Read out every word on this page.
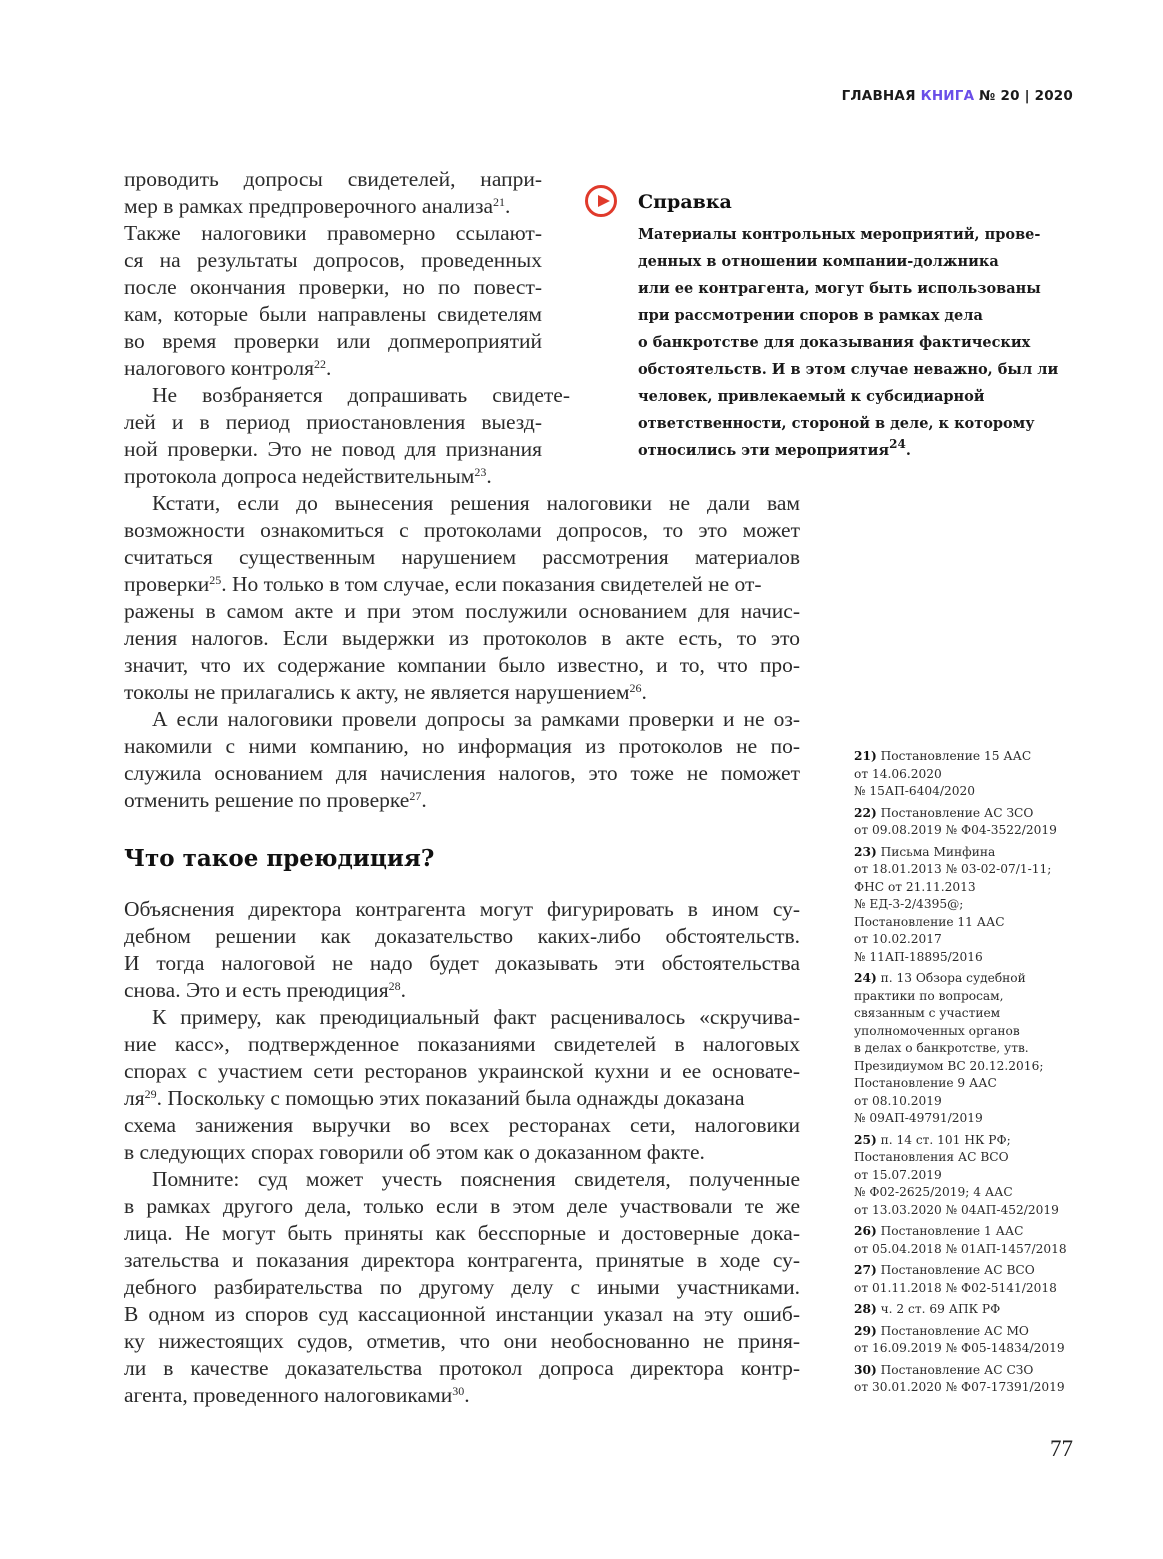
ГЛАВНАЯ КНИГА № 20 | 2020
проводить допросы свидетелей, напри-
мер в рамках предпроверочного анализа$^{21}$.
Также налоговики правомерно ссылают-
ся на результаты допросов, проведенных
после окончания проверки, но по повест-
кам, которые были направлены свидетелям
во время проверки или допмероприятий
налогового контроля$^{22}$.
Не возбраняется допрашивать свидете-
лей и в период приостановления выезд-
ной проверки. Это не повод для признания
протокола допроса недействительным$^{23}$.
Кстати, если до вынесения решения налоговики не дали вам
возможности ознакомиться с протоколами допросов, то это может
считаться существенным нарушением рассмотрения материалов
проверки$^{25}$. Но только в том случае, если показания свидетелей не от-
ражены в самом акте и при этом послужили основанием для начис-
ления налогов. Если выдержки из протоколов в акте есть, то это
значит, что их содержание компании было известно, и то, что про-
токолы не прилагались к акту, не является нарушением$^{26}$.
А если налоговики провели допросы за рамками проверки и не оз-
накомили с ними компанию, но информация из протоколов не по-
служила основанием для начисления налогов, это тоже не поможет
отменить решение по проверке$^{27}$.
Что такое преюдиция?
Объяснения директора контрагента могут фигурировать в ином су-
дебном решении как доказательство каких-либо обстоятельств.
И тогда налоговой не надо будет доказывать эти обстоятельства
снова. Это и есть преюдиция$^{28}$.
К примеру, как преюдициальный факт расценивалось «скручива-
ние касс», подтвержденное показаниями свидетелей в налоговых
спорах с участием сети ресторанов украинской кухни и ее основате-
$ля^{29}$. Поскольку с помощью этих показаний была однажды доказана
схема занижения выручки во всех ресторанах сети, налоговики
в следующих спорах говорили об этом как о доказанном факте.
Помните: суд может учесть пояснения свидетеля, полученные
в рамках другого дела, только если в этом деле участвовали те же
лица. Не могут быть приняты как бесспорные и достоверные дока-
зательства и показания директора контрагента, принятые в ходе су-
дебного разбирательства по другому делу с иными участниками.
В одном из споров суд кассационной инстанции указал на эту ошиб-
ку нижестоящих судов, отметив, что они необоснованно не приня-
ли в качестве доказательства протокол допроса директора контр-
агента, проведенного налоговиками$^{30}$.
Справка
Материалы контрольных мероприятий, прове-
денных в отношении компании-должника
или ее контрагента, могут быть использованы
при рассмотрении споров в рамках дела
о банкротстве для доказывания фактических
обстоятельств. И в этом случае неважно, был ли
человек, привлекаемый к субсидиарной
ответственности, стороной в деле, к которому
относились эти мероприятия$^{24}$.
21) Постановление 15 ААС
от 14.06.2020
№ 15АП-6404/2020
22) Постановление АС ЗСО
от 09.08.2019 № Ф04-3522/2019
23) Письма Минфина
от 18.01.2013 № 03-02-07/1-11;
ФНС от 21.11.2013
№ ЕД-3-2/4395@;
Постановление 11 ААС
от 10.02.2017
№ 11АП-18895/2016
24) п. 13 Обзора судебной
практики по вопросам,
связанным с участием
уполномоченных органов
в делах о банкротстве, утв.
Президиумом ВС 20.12.2016;
Постановление 9 ААС
от 08.10.2019
№ 09АП-49791/2019
25) п. 14 ст. 101 НК РФ;
Постановления АС ВСО
от 15.07.2019
№ Ф02-2625/2019; 4 ААС
от 13.03.2020 № 04АП-452/2019
26) Постановление 1 ААС
от 05.04.2018 № 01АП-1457/2018
27) Постановление АС ВСО
от 01.11.2018 № Ф02-5141/2018
28) ч. 2 ст. 69 АПК РФ
29) Постановление АС МО
от 16.09.2019 № Ф05-14834/2019
30) Постановление АС СЗО
от 30.01.2020 № Ф07-17391/2019
77
